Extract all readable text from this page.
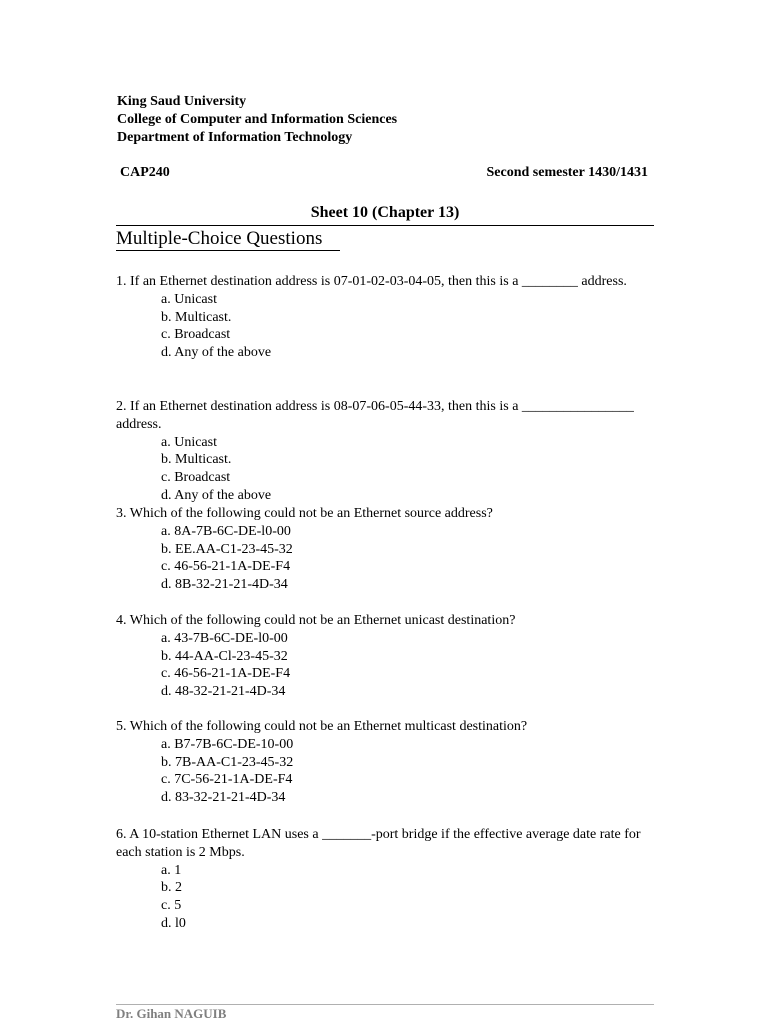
King Saud University
College of Computer and Information Sciences
Department of Information Technology
CAP240	Second semester 1430/1431
Sheet 10 (Chapter 13)
Multiple-Choice Questions
1. If an Ethernet destination address is 07-01-02-03-04-05, then this is a ________ address.
a. Unicast
b. Multicast.
c. Broadcast
d. Any of the above
2. If an Ethernet destination address is 08-07-06-05-44-33, then this is a ________________ address.
a. Unicast
b. Multicast.
c. Broadcast
d. Any of the above
3. Which of the following could not be an Ethernet source address?
a. 8A-7B-6C-DE-l0-00
b. EE.AA-C1-23-45-32
c. 46-56-21-1A-DE-F4
d. 8B-32-21-21-4D-34
4. Which of the following could not be an Ethernet unicast destination?
a. 43-7B-6C-DE-l0-00
b. 44-AA-Cl-23-45-32
c. 46-56-21-1A-DE-F4
d. 48-32-21-21-4D-34
5. Which of the following could not be an Ethernet multicast destination?
a. B7-7B-6C-DE-10-00
b. 7B-AA-C1-23-45-32
c. 7C-56-21-1A-DE-F4
d. 83-32-21-21-4D-34
6. A 10-station Ethernet LAN uses a _______-port bridge if the effective average date rate for each station is 2 Mbps.
a. 1
b. 2
c. 5
d. l0
Dr. Gihan NAGUIB
